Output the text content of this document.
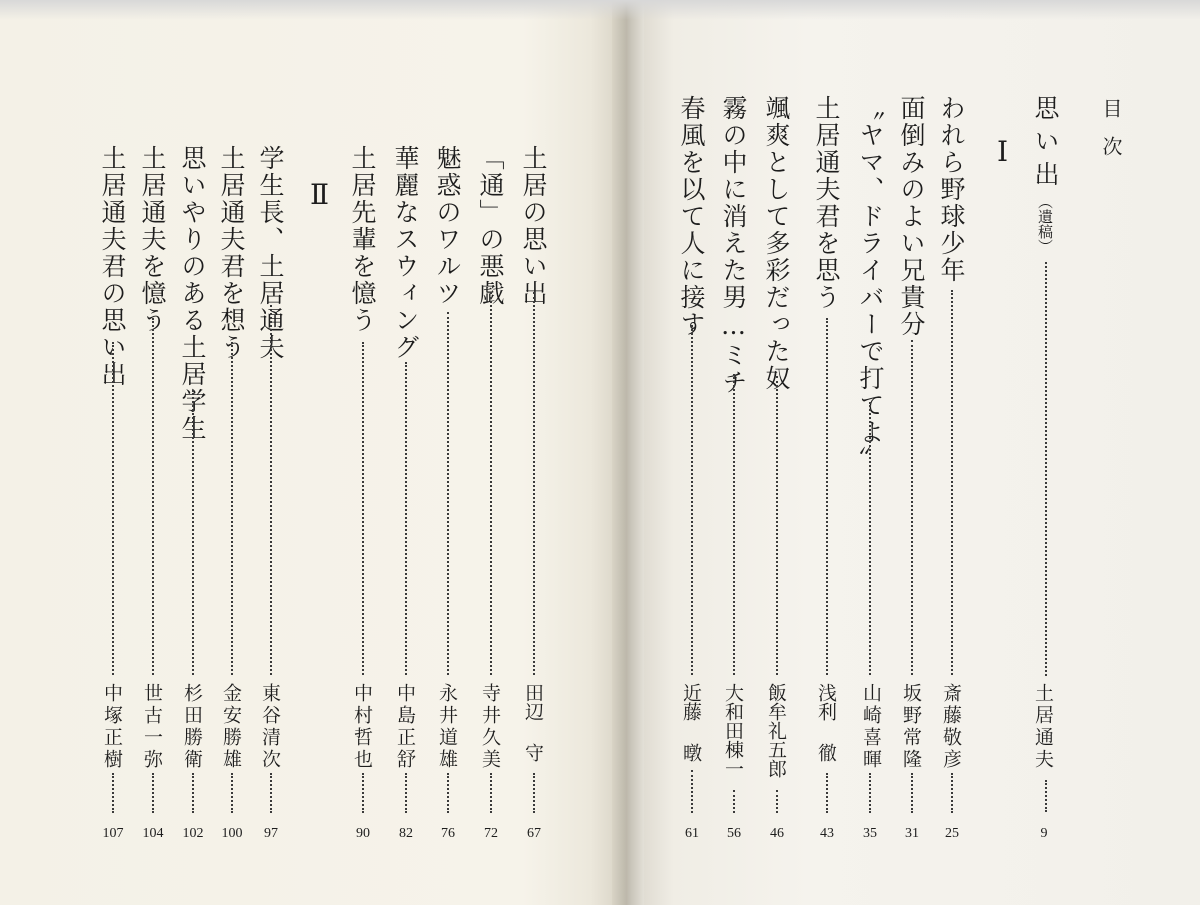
目次
Ⅰ 思い出（遺稿）
土居通夫
9
われら野球少年
斎藤敬彦
25
面倒みのよい兄貴分
坂野常隆
31
〝ヤマ、ドライバーで打てよ〟
山崎喜暉
35
土居通夫君を思う
浅利 徹
43
颯爽として多彩だった奴
飯牟礼五郎
46
霧の中に消えた男…ミチ
大和田棟一
56
春風を以て人に接す
近藤 暾
61
土居の思い出
田辺 守
67
「通」の悪戯
寺井久美
72
魅惑のワルツ
永井道雄
76
華麗なスウィング
中島正舒
82
土居先輩を憶う
中村哲也
90
Ⅱ
学生長、土居通夫
東谷清次
97
土居通夫君を想う
金安勝雄
100
思いやりのある土居学生
杉田勝衛
102
土居通夫を憶う
世古一弥
104
土居通夫君の思い出
中塚正樹
107
